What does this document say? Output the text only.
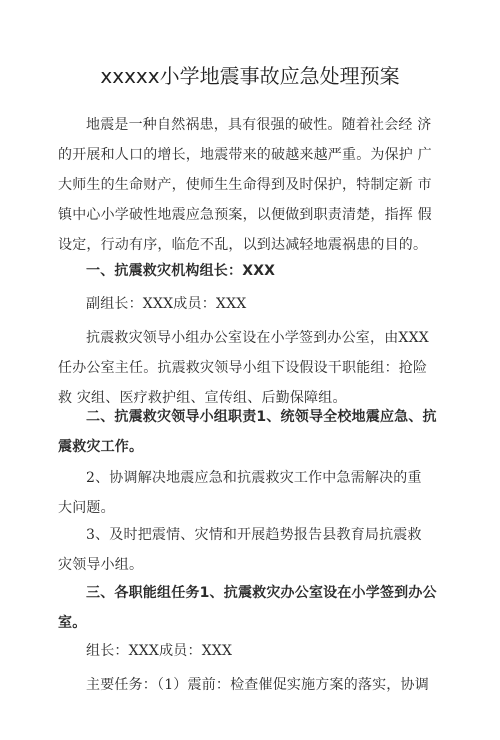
xxxxx小学地震事故应急处理预案
地震是一种自然祸患，具有很强的破性。随着社会经 济
的开展和人口的增长，地震带来的破越来越严重。为保护 广
大师生的生命财产，使师生生命得到及时保护，特制定新 市
镇中心小学破性地震应急预案，以便做到职责清楚，指挥 假
设定，行动有序，临危不乱，以到达减轻地震祸患的目的。
一、抗震救灾机构组长：XXX
副组长：XXX成员：XXX
抗震救灾领导小组办公室设在小学签到办公室，由XXX
任办公室主任。抗震救灾领导小组下设假设干职能组：抢险
救 灾组、医疗救护组、宣传组、后勤保障组。
二、抗震救灾领导小组职责1、统领导全校地震应急、抗
震救灾工作。
2、协调解决地震应急和抗震救灾工作中急需解决的重
大问题。
3、及时把震情、灾情和开展趋势报告县教育局抗震救
灾领导小组。
三、各职能组任务1、抗震救灾办公室设在小学签到办公
室。
组长：XXX成员：XXX
主要任务：（1）震前：检查催促实施方案的落实，协调
